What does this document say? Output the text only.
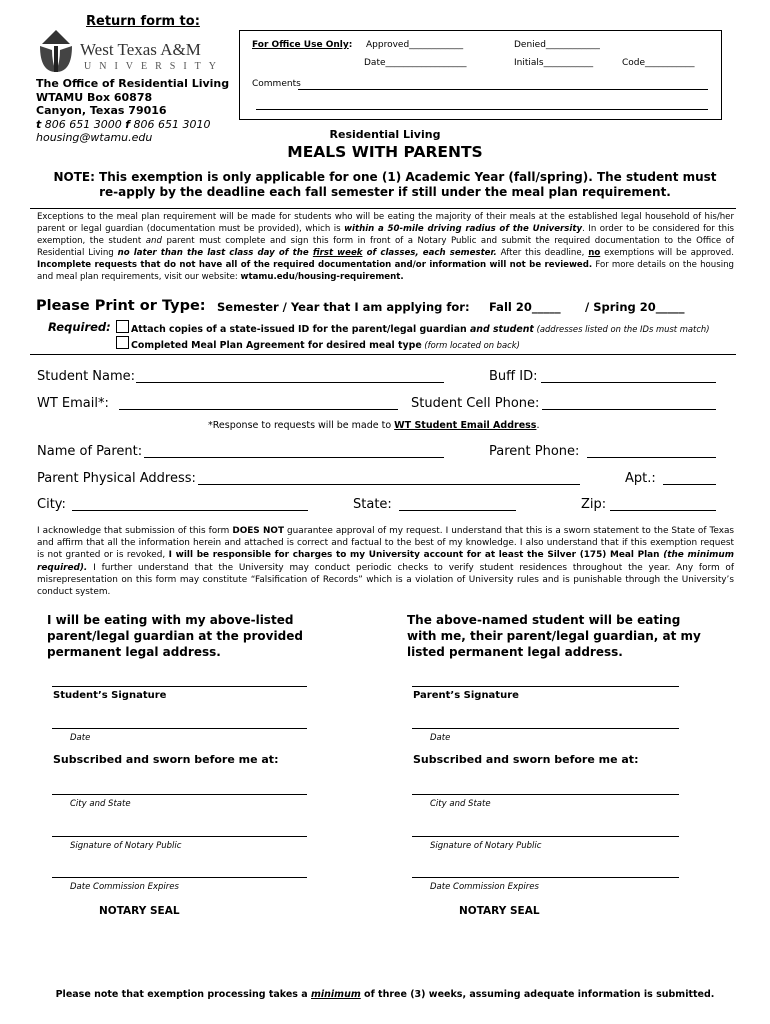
Return form to:
West Texas A&M
UNIVERSITY
The Office of Residential Living
WTAMU Box 60878
Canyon, Texas 79016
t 806 651 3000 f 806 651 3010
housing@wtamu.edu
For Office Use Only: Approved____________	Denied____________
Date__________________	Initials___________	Code___________
Comments
Residential Living
MEALS WITH PARENTS
NOTE: This exemption is only applicable for one (1) Academic Year (fall/spring). The student must
re-apply by the deadline each fall semester if still under the meal plan requirement.
Exceptions to the meal plan requirement will be made for students who will be eating the majority of their meals at the established legal household of his/her parent or legal guardian (documentation must be provided), which is within a 50-mile driving radius of the University. In order to be considered for this exemption, the student and parent must complete and sign this form in front of a Notary Public and submit the required documentation to the Office of Residential Living no later than the last class day of the first week of classes, each semester. After this deadline, no exemptions will be approved. Incomplete requests that do not have all of the required documentation and/or information will not be reviewed. For more details on the housing and meal plan requirements, visit our website: wtamu.edu/housing-requirement.
Please Print or Type: Semester / Year that I am applying for: Fall 20_____ / Spring 20_____
Required:	Attach copies of a state-issued ID for the parent/legal guardian and student (addresses listed on the IDs must match)
Completed Meal Plan Agreement for desired meal type (form located on back)
Student Name:	Buff ID:
WT Email*:	Student Cell Phone:
*Response to requests will be made to WT Student Email Address.
Name of Parent:	Parent Phone:
Parent Physical Address:	Apt.:
City:	State:	Zip:
I acknowledge that submission of this form DOES NOT guarantee approval of my request. I understand that this is a sworn statement to the State of Texas and affirm that all the information herein and attached is correct and factual to the best of my knowledge. I also understand that if this exemption request is not granted or is revoked, I will be responsible for charges to my University account for at least the Silver (175) Meal Plan (the minimum required). I further understand that the University may conduct periodic checks to verify student residences throughout the year. Any form of misrepresentation on this form may constitute “Falsification of Records” which is a violation of University rules and is punishable through the University’s conduct system.
I will be eating with my above-listed parent/legal guardian at the provided permanent legal address.
Student’s Signature
Date
Subscribed and sworn before me at:
City and State
Signature of Notary Public
Date Commission Expires
NOTARY SEAL
The above-named student will be eating with me, their parent/legal guardian, at my listed permanent legal address.
Parent’s Signature
Date
Subscribed and sworn before me at:
City and State
Signature of Notary Public
Date Commission Expires
NOTARY SEAL
Please note that exemption processing takes a minimum of three (3) weeks, assuming adequate information is submitted.
